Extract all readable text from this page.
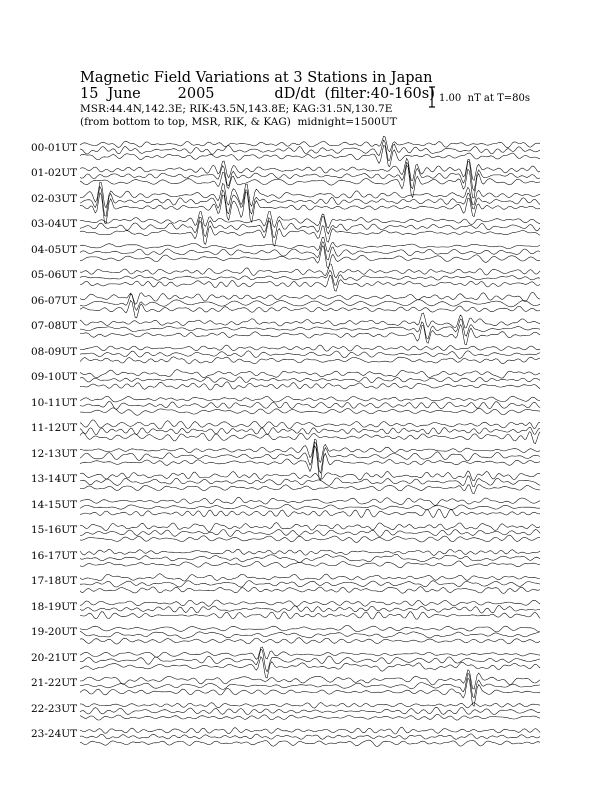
Magnetic Field Variations at 3 Stations in Japan
15  June        2005             dD/dt  (filter:40-160s)
MSR:44.4N,142.3E; RIK:43.5N,143.8E; KAG:31.5N,130.7E
(from bottom to top, MSR, RIK, & KAG)  midnight=1500UT
1.00  nT at T=80s
00-01UT
01-02UT
02-03UT
03-04UT
04-05UT
05-06UT
06-07UT
07-08UT
08-09UT
09-10UT
10-11UT
11-12UT
12-13UT
13-14UT
14-15UT
15-16UT
16-17UT
17-18UT
18-19UT
19-20UT
20-21UT
21-22UT
22-23UT
23-24UT
